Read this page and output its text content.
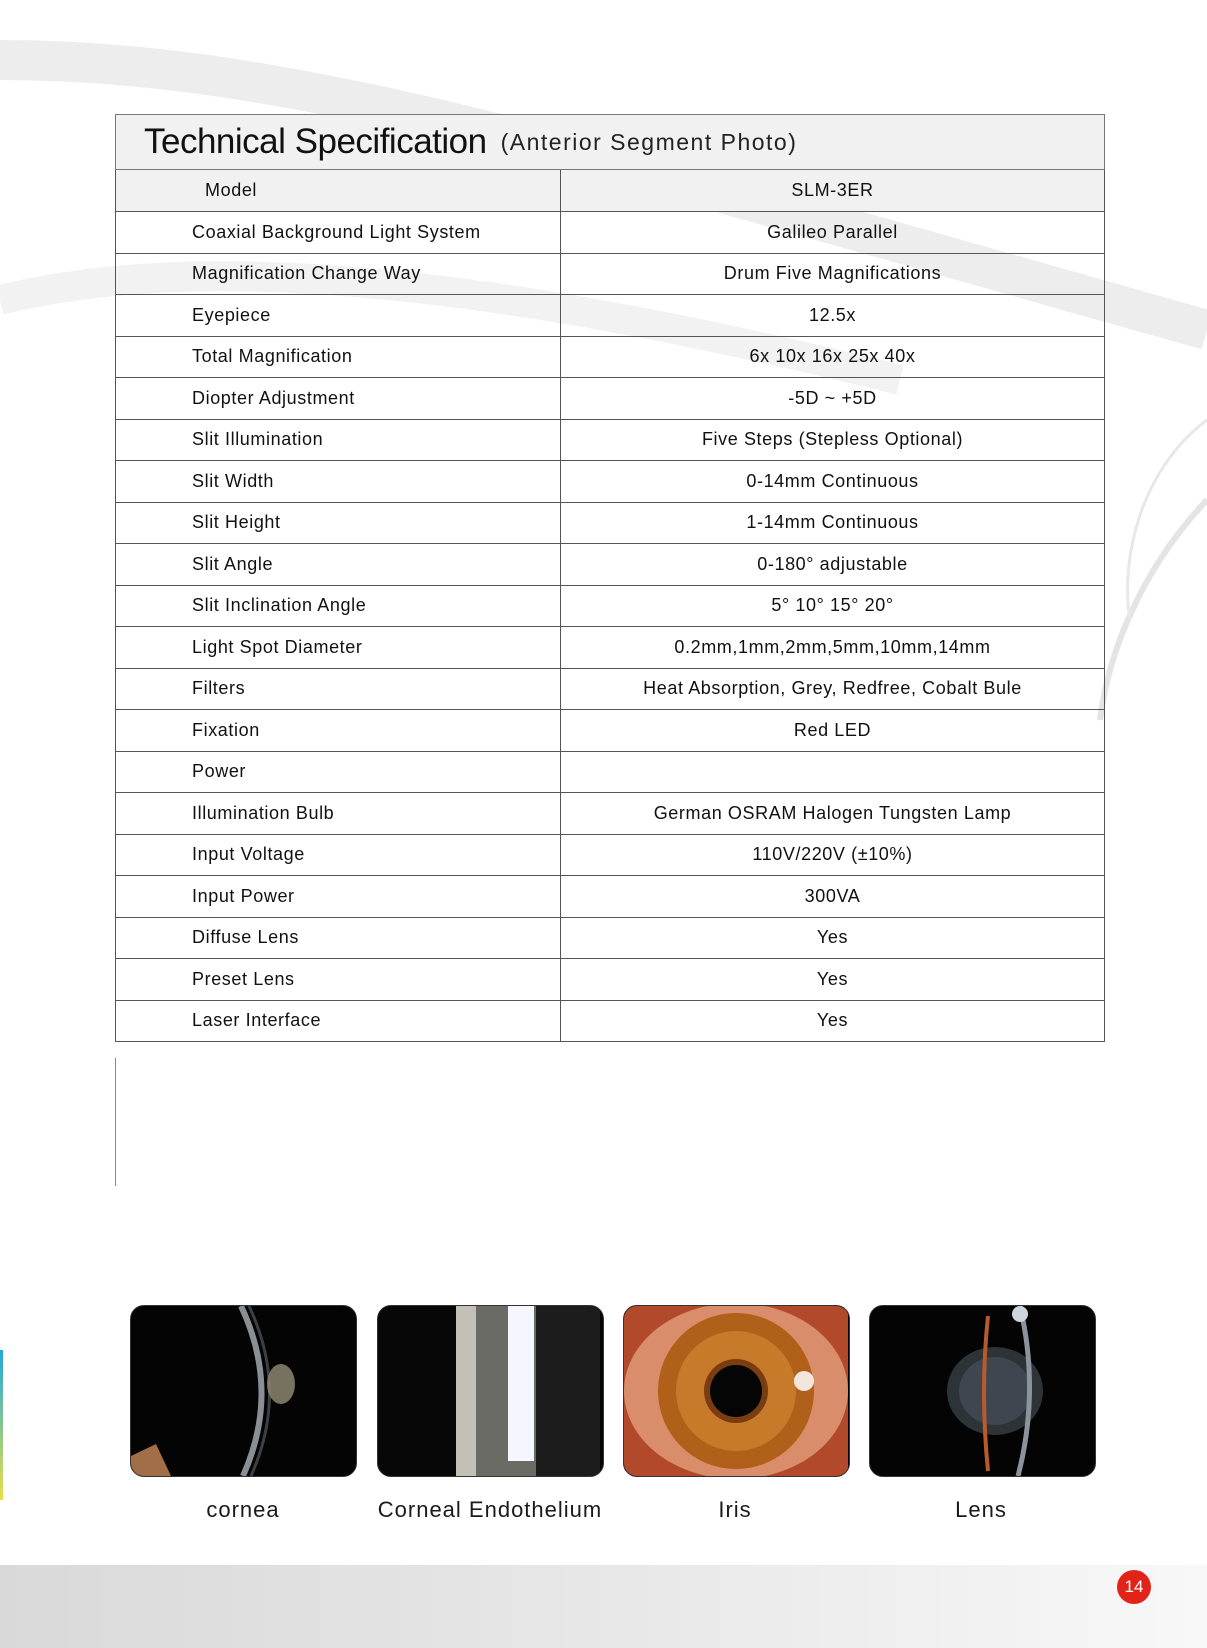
Technical Specification (Anterior Segment Photo)
Model	SLM-3ER
Coaxial Background Light System	Galileo Parallel
Magnification Change Way	Drum Five Magnifications
Eyepiece	12.5x
Total Magnification	6x 10x 16x 25x 40x
Diopter Adjustment	-5D ~ +5D
Slit Illumination	Five Steps (Stepless Optional)
Slit Width	0-14mm Continuous
Slit Height	1-14mm Continuous
Slit Angle	0-180° adjustable
Slit Inclination Angle	5° 10° 15° 20°
Light Spot Diameter	0.2mm,1mm,2mm,5mm,10mm,14mm
Filters	Heat Absorption, Grey, Redfree, Cobalt Bule
Fixation	Red LED
Power	
Illumination Bulb	German OSRAM Halogen Tungsten Lamp
Input Voltage	110V/220V (±10%)
Input Power	300VA
Diffuse Lens	Yes
Preset Lens	Yes
Laser Interface	Yes
cornea	Corneal Endothelium	Iris	Lens
14
